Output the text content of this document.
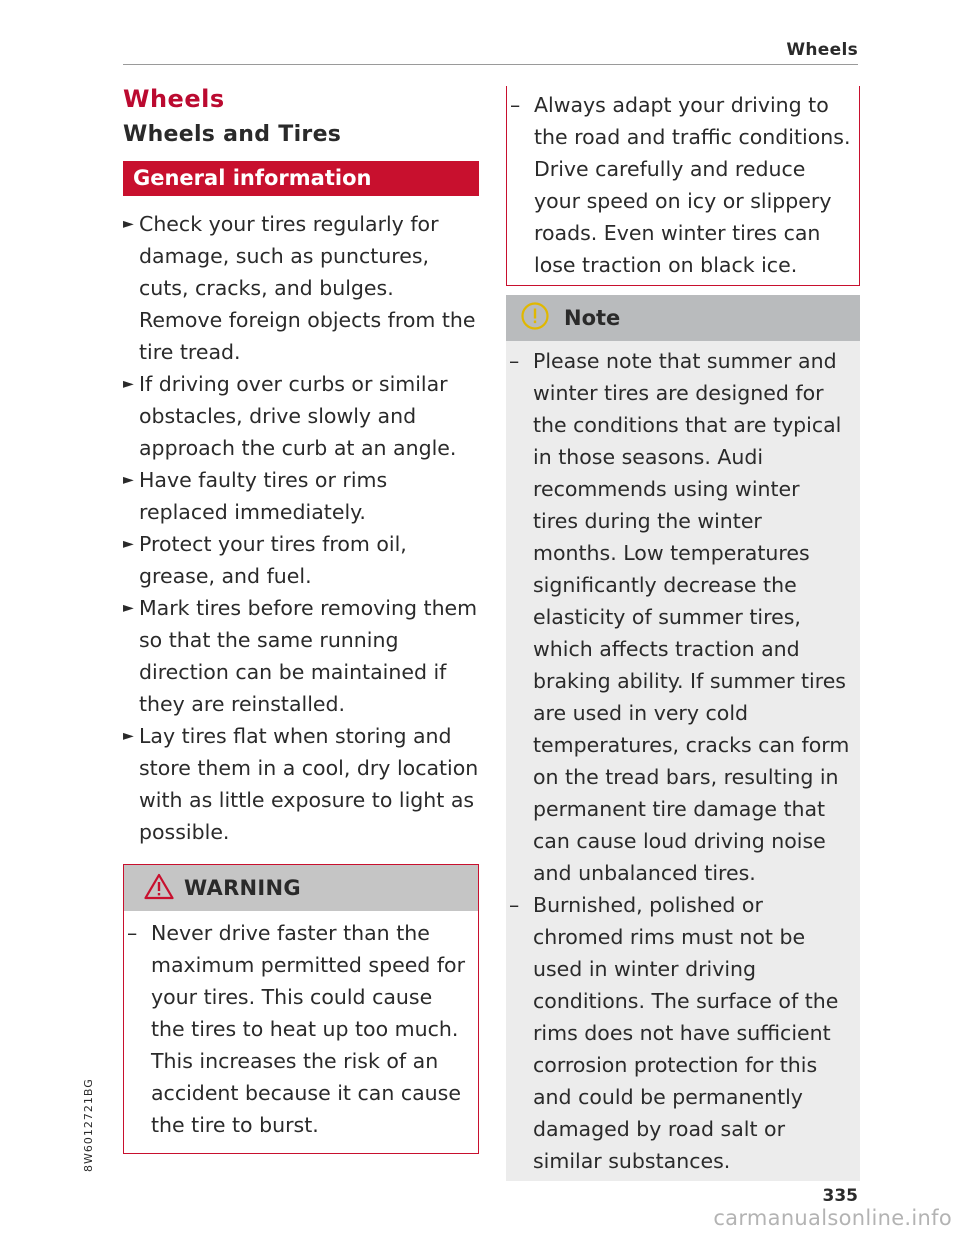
Wheels
Wheels
Wheels and Tires
General information
► Check your tires regularly for damage, such as punctures, cuts, cracks, and bulges. Remove foreign objects from the tire tread.
► If driving over curbs or similar obstacles, drive slowly and approach the curb at an angle.
► Have faulty tires or rims replaced immediately.
► Protect your tires from oil, grease, and fuel.
► Mark tires before removing them so that the same running direction can be maintained if they are reinstalled.
► Lay tires flat when storing and store them in a cool, dry location with as little exposure to light as possible.
WARNING
– Never drive faster than the maximum permitted speed for your tires. This could cause the tires to heat up too much. This increases the risk of an accident because it can cause the tire to burst.
– Always adapt your driving to the road and traffic conditions. Drive carefully and reduce your speed on icy or slippery roads. Even winter tires can lose traction on black ice.
Note
– Please note that summer and winter tires are designed for the conditions that are typical in those seasons. Audi recommends using winter tires during the winter months. Low temperatures significantly decrease the elasticity of summer tires, which affects traction and braking ability. If summer tires are used in very cold temperatures, cracks can form on the tread bars, resulting in permanent tire damage that can cause loud driving noise and unbalanced tires.
– Burnished, polished or chromed rims must not be used in winter driving conditions. The surface of the rims does not have sufficient corrosion protection for this and could be permanently damaged by road salt or similar substances.
8W6012721BG
335
carmanualsonline.info
